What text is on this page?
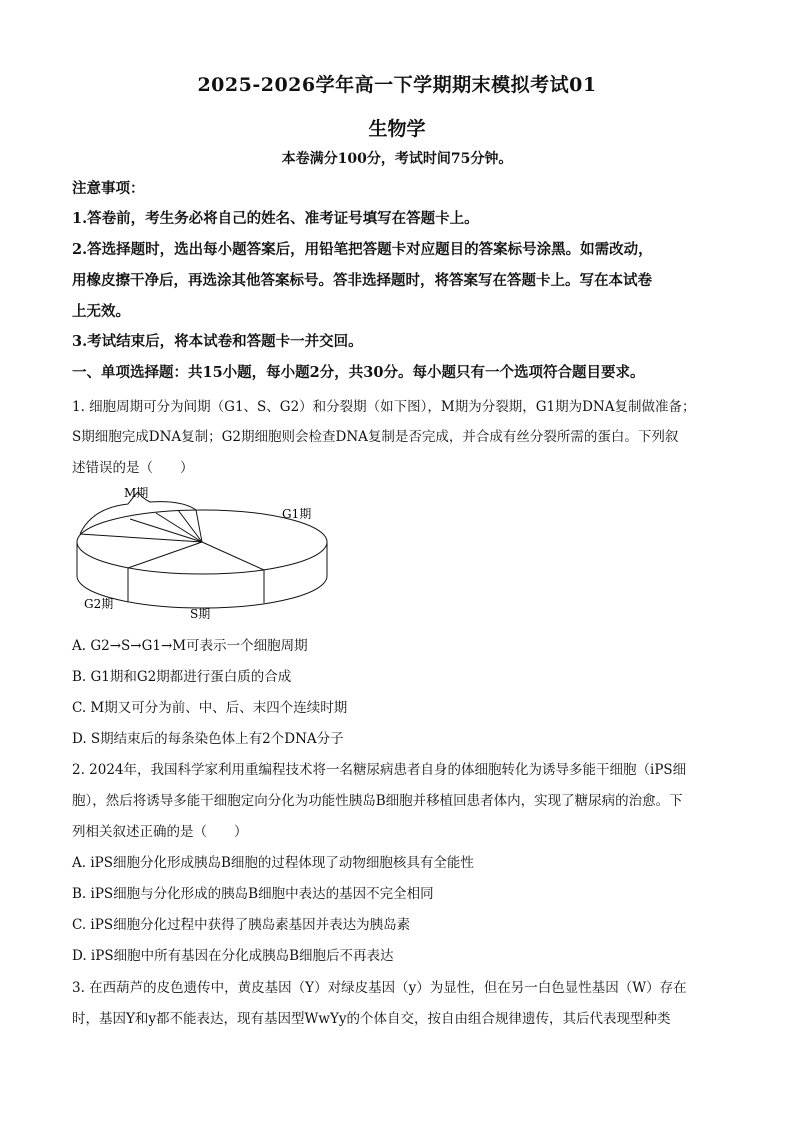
2025-2026学年高一下学期期末模拟考试01
生物学
本卷满分100分，考试时间75分钟。
注意事项：
1.答卷前，考生务必将自己的姓名、准考证号填写在答题卡上。
2.答选择题时，选出每小题答案后，用铅笔把答题卡对应题目的答案标号涂黑。如需改动，
用橡皮擦干净后，再选涂其他答案标号。答非选择题时，将答案写在答题卡上。写在本试卷
上无效。
3.考试结束后，将本试卷和答题卡一并交回。
一、单项选择题：共15小题，每小题2分，共30分。每小题只有一个选项符合题目要求。
1. 细胞周期可分为间期（G1、S、G2）和分裂期（如下图），M期为分裂期，G1期为DNA复制做准备；
S期细胞完成DNA复制；G2期细胞则会检查DNA复制是否完成，并合成有丝分裂所需的蛋白。下列叙
述错误的是（　　）
M期
G1期
G2期
S期
A. G2→S→G1→M可表示一个细胞周期
B. G1期和G2期都进行蛋白质的合成
C. M期又可分为前、中、后、末四个连续时期
D. S期结束后的每条染色体上有2个DNA分子
2. 2024年，我国科学家利用重编程技术将一名糖尿病患者自身的体细胞转化为诱导多能干细胞（iPS细
胞），然后将诱导多能干细胞定向分化为功能性胰岛B细胞并移植回患者体内，实现了糖尿病的治愈。下
列相关叙述正确的是（　　）
A. iPS细胞分化形成胰岛B细胞的过程体现了动物细胞核具有全能性
B. iPS细胞与分化形成的胰岛B细胞中表达的基因不完全相同
C. iPS细胞分化过程中获得了胰岛素基因并表达为胰岛素
D. iPS细胞中所有基因在分化成胰岛B细胞后不再表达
3. 在西葫芦的皮色遗传中，黄皮基因（Y）对绿皮基因（y）为显性，但在另一白色显性基因（W）存在
时，基因Y和y都不能表达，现有基因型WwYy的个体自交，按自由组合规律遗传，其后代表现型种类
